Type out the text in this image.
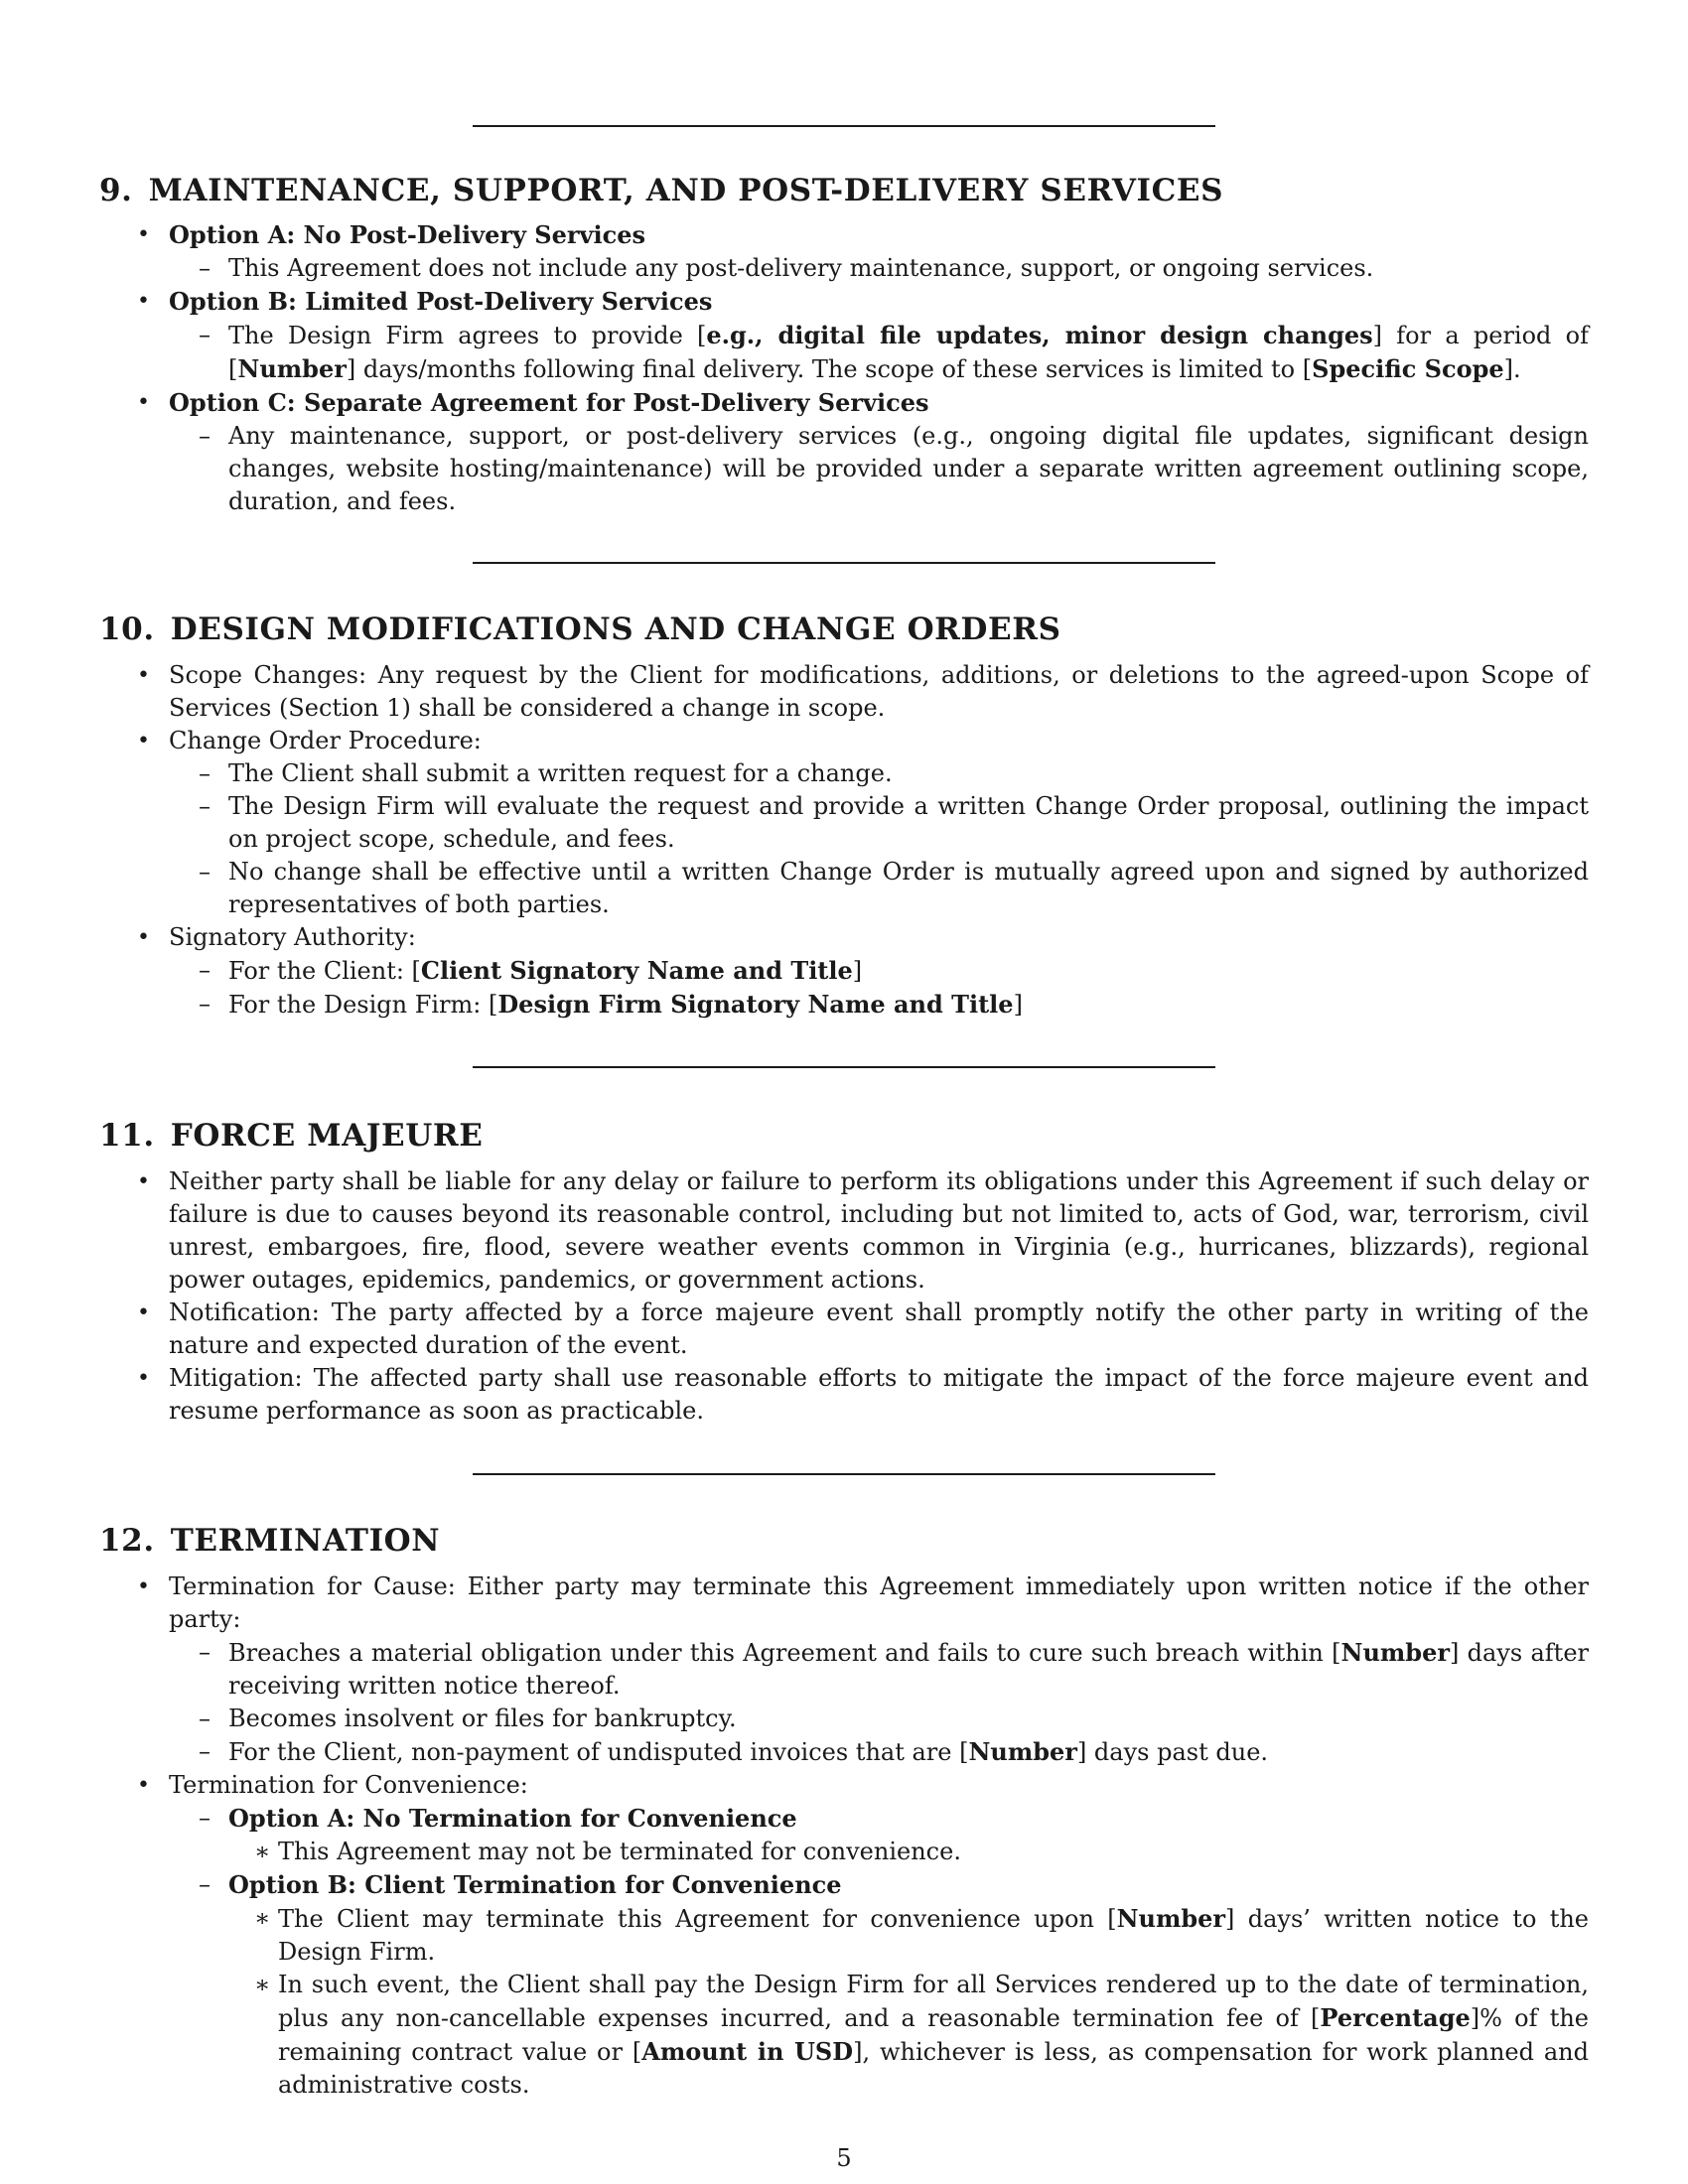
9. MAINTENANCE, SUPPORT, AND POST-DELIVERY SERVICES
• Option A: No Post-Delivery Services
– This Agreement does not include any post-delivery maintenance, support, or ongoing services.
• Option B: Limited Post-Delivery Services
– The Design Firm agrees to provide [e.g., digital file updates, minor design changes] for a period of [Number] days/months following final delivery. The scope of these services is limited to [Specific Scope].
• Option C: Separate Agreement for Post-Delivery Services
– Any maintenance, support, or post-delivery services (e.g., ongoing digital file updates, significant design changes, website hosting/maintenance) will be provided under a separate written agreement outlining scope, duration, and fees.
10. DESIGN MODIFICATIONS AND CHANGE ORDERS
• Scope Changes: Any request by the Client for modifications, additions, or deletions to the agreed-upon Scope of Services (Section 1) shall be considered a change in scope.
• Change Order Procedure:
– The Client shall submit a written request for a change.
– The Design Firm will evaluate the request and provide a written Change Order proposal, outlining the impact on project scope, schedule, and fees.
– No change shall be effective until a written Change Order is mutually agreed upon and signed by authorized representatives of both parties.
• Signatory Authority:
– For the Client: [Client Signatory Name and Title]
– For the Design Firm: [Design Firm Signatory Name and Title]
11. FORCE MAJEURE
• Neither party shall be liable for any delay or failure to perform its obligations under this Agreement if such delay or failure is due to causes beyond its reasonable control, including but not limited to, acts of God, war, terrorism, civil unrest, embargoes, fire, flood, severe weather events common in Virginia (e.g., hurricanes, blizzards), regional power outages, epidemics, pandemics, or government actions.
• Notification: The party affected by a force majeure event shall promptly notify the other party in writing of the nature and expected duration of the event.
• Mitigation: The affected party shall use reasonable efforts to mitigate the impact of the force majeure event and resume performance as soon as practicable.
12. TERMINATION
• Termination for Cause: Either party may terminate this Agreement immediately upon written notice if the other party:
– Breaches a material obligation under this Agreement and fails to cure such breach within [Number] days after receiving written notice thereof.
– Becomes insolvent or files for bankruptcy.
– For the Client, non-payment of undisputed invoices that are [Number] days past due.
• Termination for Convenience:
– Option A: No Termination for Convenience
∗ This Agreement may not be terminated for convenience.
– Option B: Client Termination for Convenience
∗ The Client may terminate this Agreement for convenience upon [Number] days’ written notice to the Design Firm.
∗ In such event, the Client shall pay the Design Firm for all Services rendered up to the date of termination, plus any non-cancellable expenses incurred, and a reasonable termination fee of [Percentage]% of the remaining contract value or [Amount in USD], whichever is less, as compensation for work planned and administrative costs.
5
